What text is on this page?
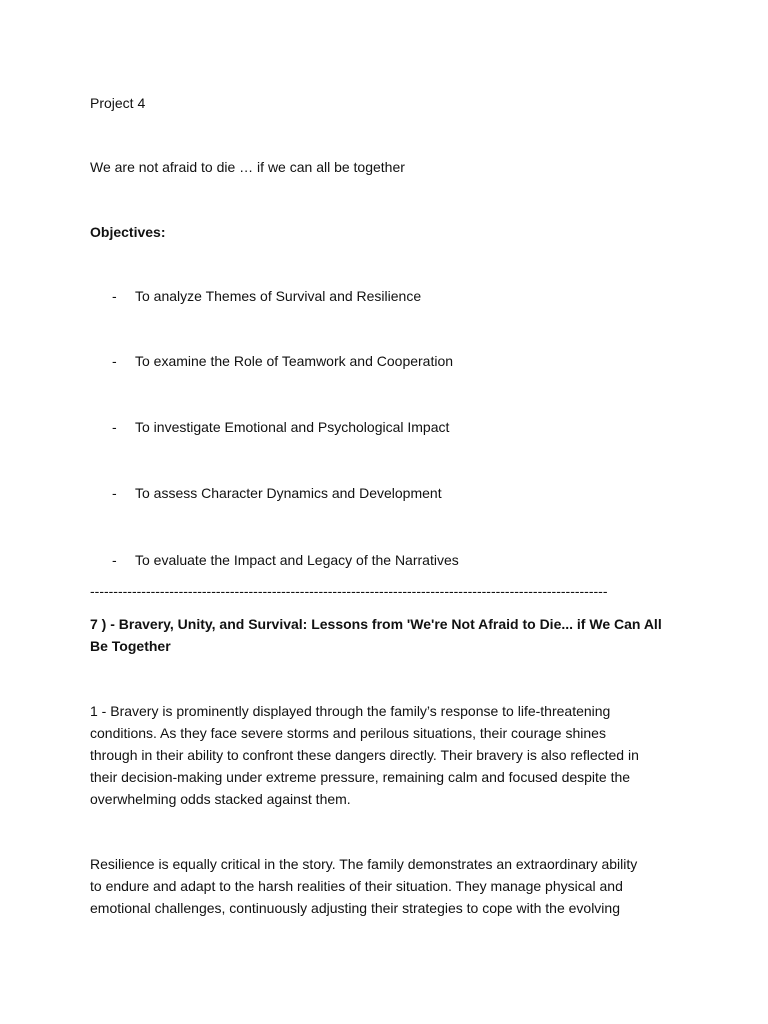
Project 4

We are not afraid to die … if we can all be together

Objectives:

- To analyze Themes of Survival and Resilience
- To examine the Role of Teamwork and Cooperation
- To investigate Emotional and Psychological Impact
- To assess Character Dynamics and Development
- To evaluate the Impact and Legacy of the Narratives

---------------------------------------------------------------------------------------------------------------

7 ) - Bravery, Unity, and Survival: Lessons from 'We're Not Afraid to Die... if We Can All

Be Together

1 - Bravery is prominently displayed through the family’s response to life-threatening

conditions. As they face severe storms and perilous situations, their courage shines

through in their ability to confront these dangers directly. Their bravery is also reflected in

their decision-making under extreme pressure, remaining calm and focused despite the

overwhelming odds stacked against them.

Resilience is equally critical in the story. The family demonstrates an extraordinary ability

to endure and adapt to the harsh realities of their situation. They manage physical and

emotional challenges, continuously adjusting their strategies to cope with the evolving
